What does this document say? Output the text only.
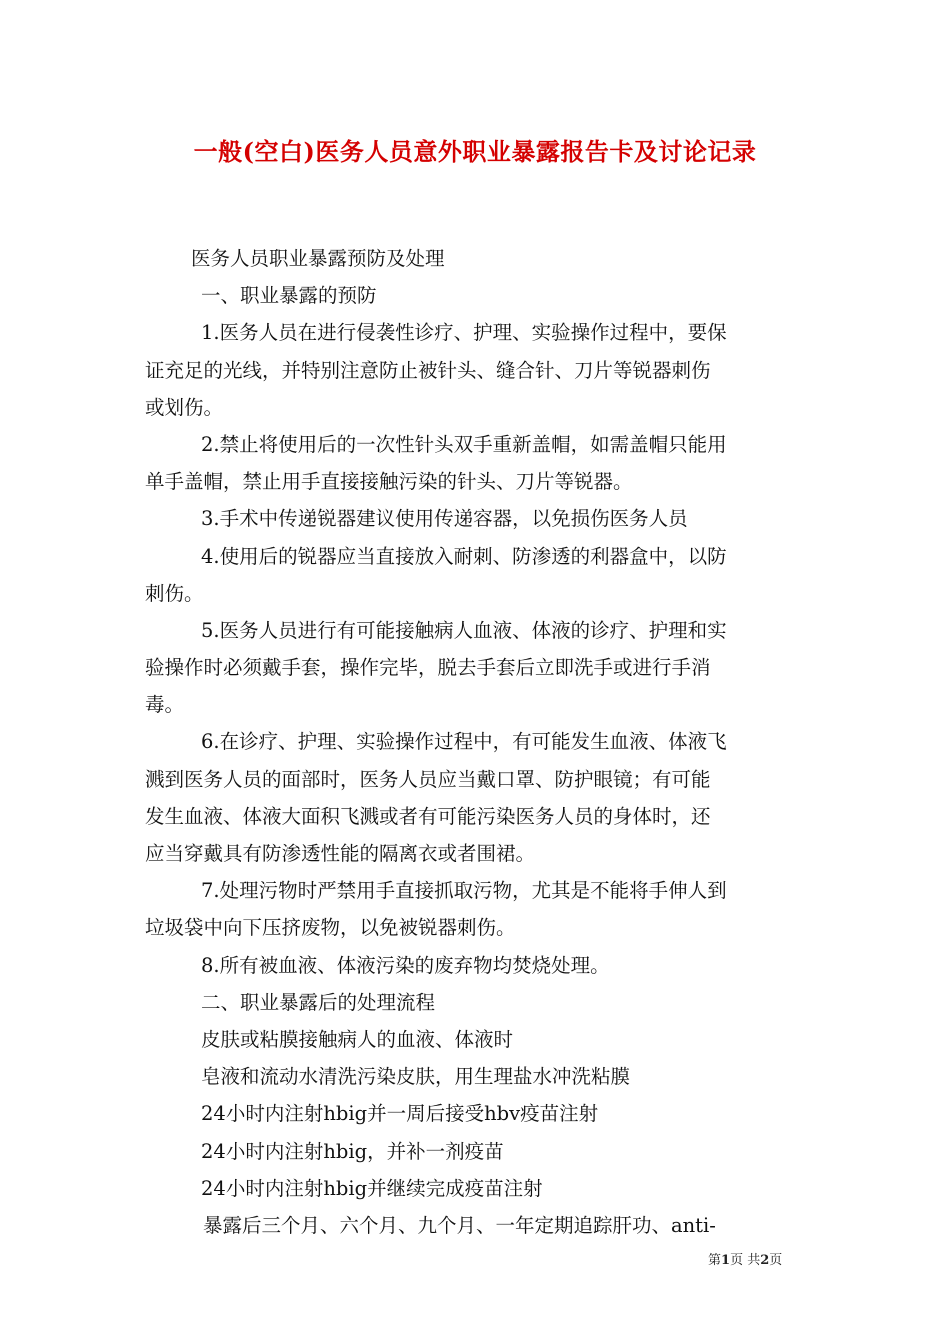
一般(空白)医务人员意外职业暴露报告卡及讨论记录
医务人员职业暴露预防及处理
一、职业暴露的预防
1.医务人员在进行侵袭性诊疗、护理、实验操作过程中，要保
证充足的光线，并特别注意防止被针头、缝合针、刀片等锐器刺伤
或划伤。
2.禁止将使用后的一次性针头双手重新盖帽，如需盖帽只能用
单手盖帽，禁止用手直接接触污染的针头、刀片等锐器。
3.手术中传递锐器建议使用传递容器，以免损伤医务人员
4.使用后的锐器应当直接放入耐刺、防渗透的利器盒中，以防
刺伤。
5.医务人员进行有可能接触病人血液、体液的诊疗、护理和实
验操作时必须戴手套，操作完毕，脱去手套后立即洗手或进行手消
毒。
6.在诊疗、护理、实验操作过程中，有可能发生血液、体液飞
溅到医务人员的面部时，医务人员应当戴口罩、防护眼镜；有可能
发生血液、体液大面积飞溅或者有可能污染医务人员的身体时，还
应当穿戴具有防渗透性能的隔离衣或者围裙。
7.处理污物时严禁用手直接抓取污物，尤其是不能将手伸人到
垃圾袋中向下压挤废物，以免被锐器刺伤。
8.所有被血液、体液污染的废弃物均焚烧处理。
二、职业暴露后的处理流程
皮肤或粘膜接触病人的血液、体液时
皂液和流动水清洗污染皮肤，用生理盐水冲洗粘膜
24小时内注射hbig并一周后接受hbv疫苗注射
24小时内注射hbig，并补一剂疫苗
24小时内注射hbig并继续完成疫苗注射
暴露后三个月、六个月、九个月、一年定期追踪肝功、anti-
第1页 共2页
